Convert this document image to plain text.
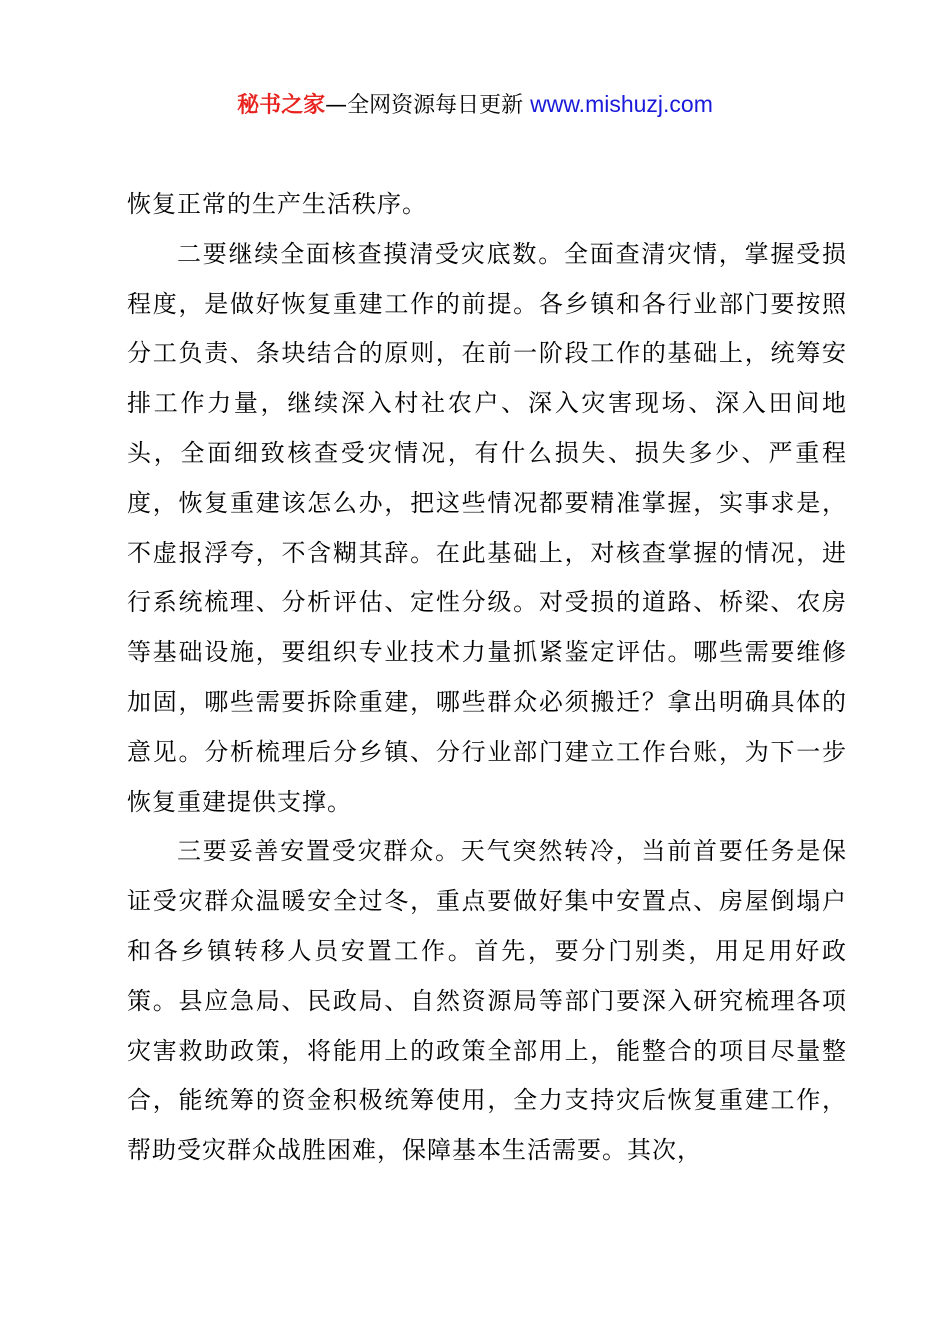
秘书之家—全网资源每日更新 www.mishuzj.com

恢复正常的生产生活秩序。

二要继续全面核查摸清受灾底数。全面查清灾情，掌握受损程度，是做好恢复重建工作的前提。各乡镇和各行业部门要按照分工负责、条块结合的原则，在前一阶段工作的基础上，统筹安排工作力量，继续深入村社农户、深入灾害现场、深入田间地头，全面细致核查受灾情况，有什么损失、损失多少、严重程度，恢复重建该怎么办，把这些情况都要精准掌握，实事求是，不虚报浮夸，不含糊其辞。在此基础上，对核查掌握的情况，进行系统梳理、分析评估、定性分级。对受损的道路、桥梁、农房等基础设施，要组织专业技术力量抓紧鉴定评估。哪些需要维修加固，哪些需要拆除重建，哪些群众必须搬迁？拿出明确具体的意见。分析梳理后分乡镇、分行业部门建立工作台账，为下一步恢复重建提供支撑。

三要妥善安置受灾群众。天气突然转冷，当前首要任务是保证受灾群众温暖安全过冬，重点要做好集中安置点、房屋倒塌户和各乡镇转移人员安置工作。首先，要分门别类，用足用好政策。县应急局、民政局、自然资源局等部门要深入研究梳理各项灾害救助政策，将能用上的政策全部用上，能整合的项目尽量整合，能统筹的资金积极统筹使用，全力支持灾后恢复重建工作，帮助受灾群众战胜困难，保障基本生活需要。其次，
